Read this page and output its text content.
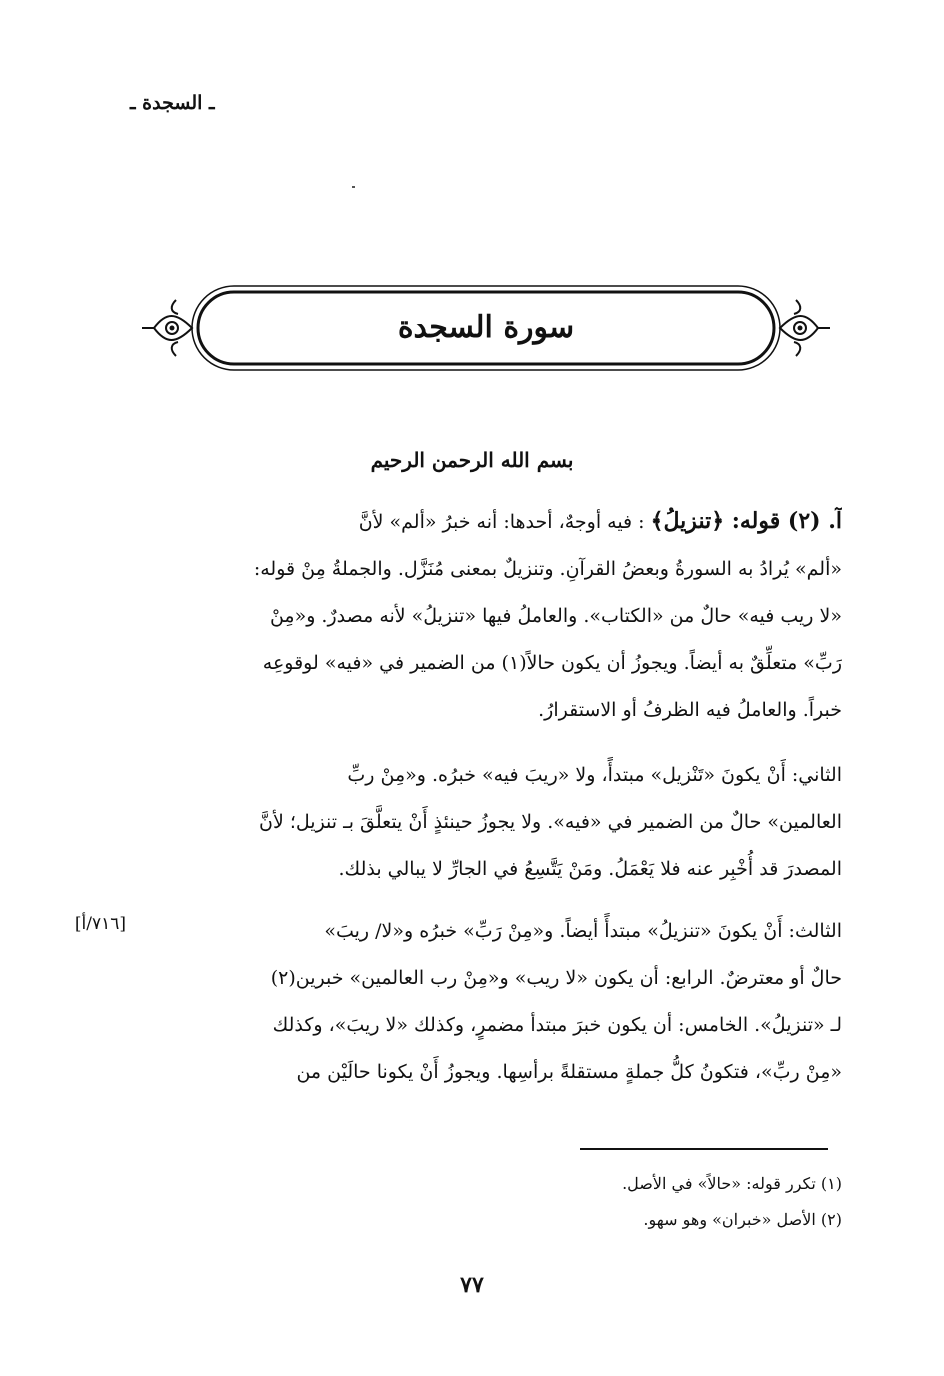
ـ السجدة ـ
سورة السجدة
بسم الله الرحمن الرحيم
آ. (٢) قوله: ﴿تنزيلُ﴾ : فيه أوجهٌ، أحدها: أنه خبرُ «ألم» لأنَّ
«ألم» يُرادُ به السورةُ وبعضُ القرآنِ. وتنزيلٌ بمعنى مُنَزَّل. والجملةُ مِنْ قوله:
«لا ريب فيه» حالٌ من «الكتاب». والعاملُ فيها «تنزيلُ» لأنه مصدرٌ. و«مِنْ
رَبِّ» متعلِّقٌ به أيضاً. ويجوزُ أن يكون حالاً(١) من الضمير في «فيه» لوقوعِه
خبراً. والعاملُ فيه الظرفُ أو الاستقرارُ.
الثاني: أَنْ يكونَ «تَنْزيل» مبتدأً، ولا «ريبَ فيه» خبرُه. و«مِنْ ربِّ
العالمين» حالٌ من الضمير في «فيه». ولا يجوزُ حينئذٍ أَنْ يتعلَّقَ بـ تنزيل؛ لأنَّ
المصدرَ قد أُخْبِر عنه فلا يَعْمَلُ. ومَنْ يَتَّسِعُ في الجارِّ لا يبالي بذلك.
الثالث: أَنْ يكونَ «تنزيلُ» مبتدأً أيضاً. و«مِنْ رَبِّ» خبرُه و«لا/ ريبَ»
حالٌ أو معترضٌ. الرابع: أن يكون «لا ريب» و«مِنْ رب العالمين» خبرين(٢)
لـ «تنزيلُ». الخامس: أن يكون خبرَ مبتدأ مضمرٍ، وكذلك «لا ريبَ»، وكذلك
«مِنْ ربِّ»، فتكونُ كلُّ جملةٍ مستقلةً برأسِها. ويجوزُ أَنْ يكونا حالَيْن من
[٧١٦/أ]
(١) تكرر قوله: «حالاً» في الأصل.
(٢) الأصل «خبران» وهو سهو.
٧٧
